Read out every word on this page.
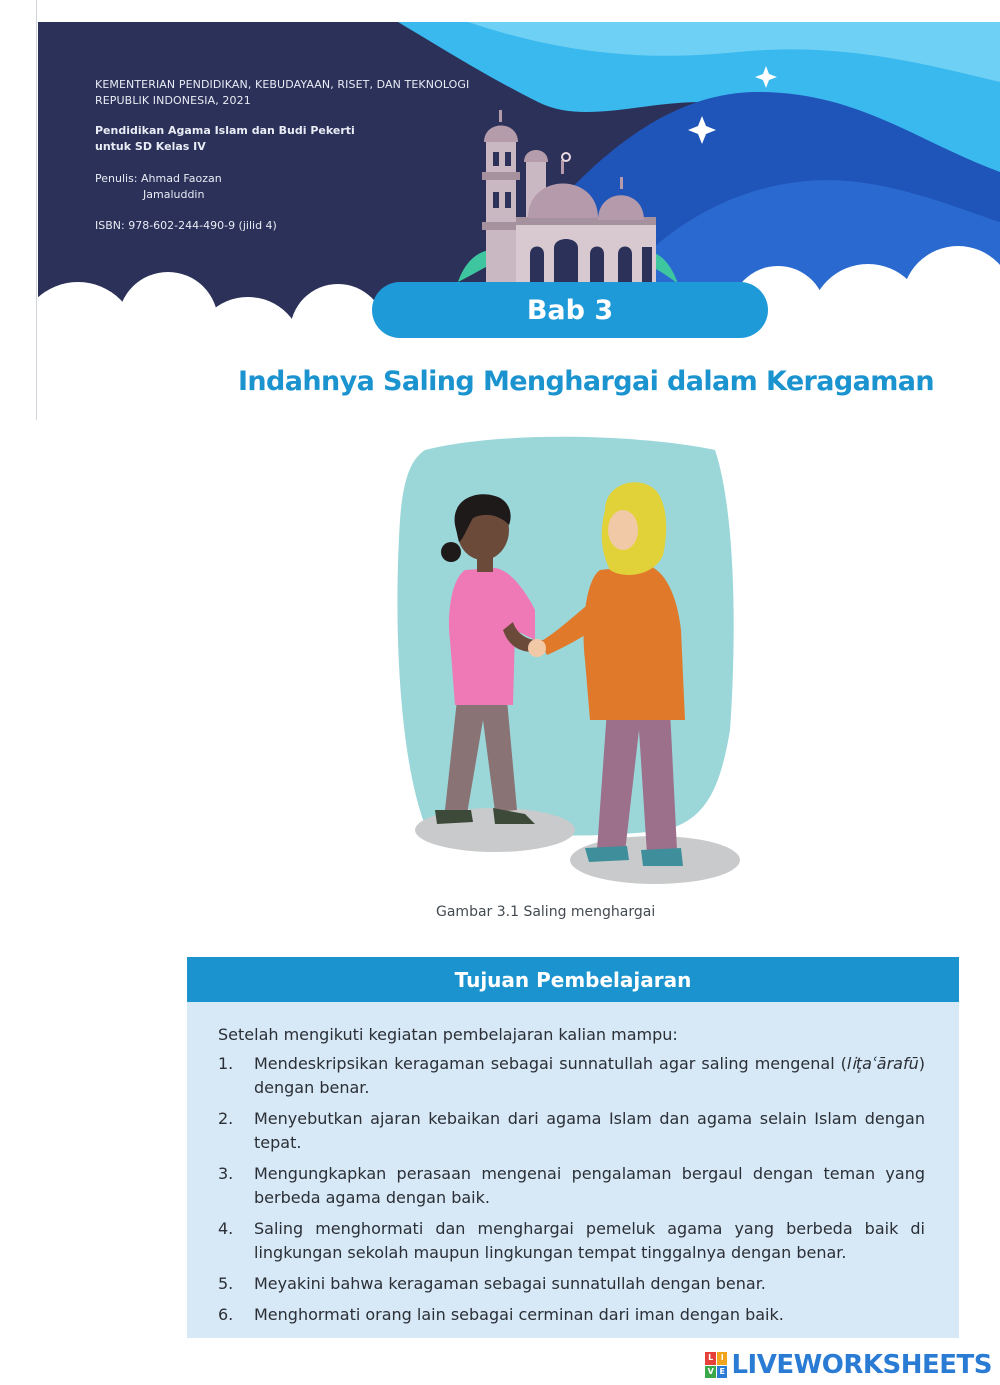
KEMENTERIAN PENDIDIKAN, KEBUDAYAAN, RISET, DAN TEKNOLOGI REPUBLIK INDONESIA, 2021
Pendidikan Agama Islam dan Budi Pekerti
untuk SD Kelas IV
Penulis: Ahmad Faozan
Jamaluddin
ISBN: 978-602-244-490-9 (jilid 4)
Bab 3
Indahnya Saling Menghargai dalam Keragaman
Gambar 3.1 Saling menghargai
Tujuan Pembelajaran
Setelah mengikuti kegiatan pembelajaran kalian mampu:
1. Mendeskripsikan keragaman sebagai sunnatullah agar saling mengenal (liٕtaʿārafū) dengan benar.
2. Menyebutkan ajaran kebaikan dari agama Islam dan agama selain Islam dengan tepat.
3. Mengungkapkan perasaan mengenai pengalaman bergaul dengan teman yang berbeda agama dengan baik.
4. Saling menghormati dan menghargai pemeluk agama yang berbeda baik di lingkungan sekolah maupun lingkungan tempat tinggalnya dengan benar.
5. Meyakini bahwa keragaman sebagai sunnatullah dengan benar.
6. Menghormati orang lain sebagai cerminan dari iman dengan baik.
L I
V E LIVEWORKSHEETS
